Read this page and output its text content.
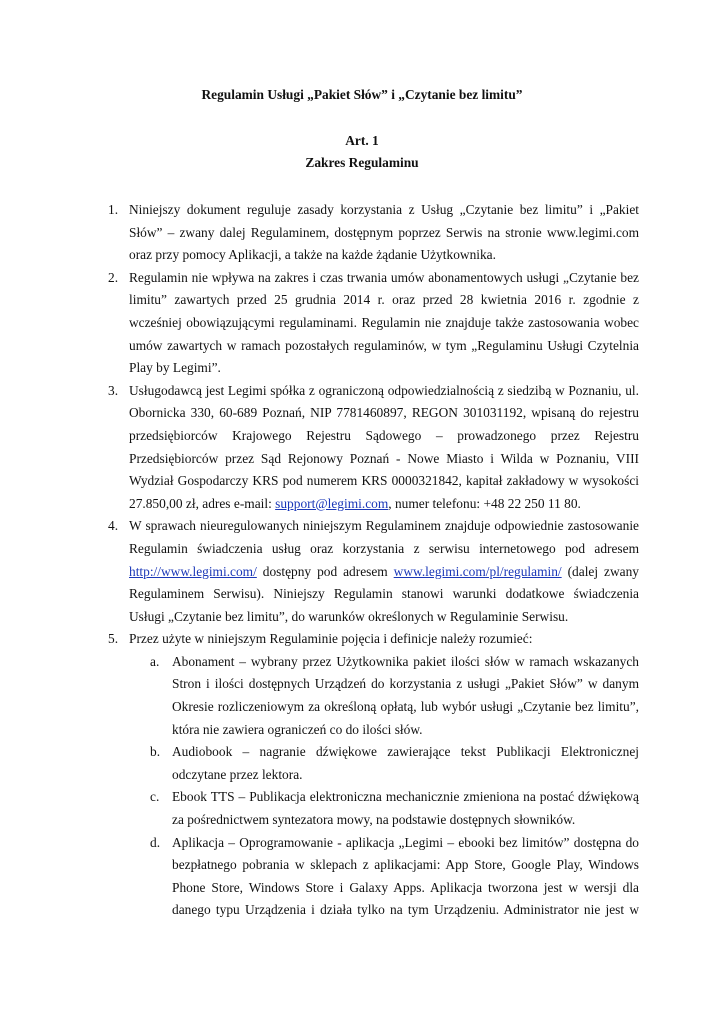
Regulamin Usługi „Pakiet Słów” i „Czytanie bez limitu”
Art. 1
Zakres Regulaminu
1. Niniejszy dokument reguluje zasady korzystania z Usług „Czytanie bez limitu” i „Pakiet
Słów” – zwany dalej Regulaminem, dostępnym poprzez Serwis na stronie www.legimi.com
oraz przy pomocy Aplikacji, a także na każde żądanie Użytkownika.
2. Regulamin nie wpływa na zakres i czas trwania umów abonamentowych usługi „Czytanie bez
limitu” zawartych przed 25 grudnia 2014 r. oraz przed 28 kwietnia 2016 r. zgodnie z
wcześniej obowiązującymi regulaminami. Regulamin nie znajduje także zastosowania wobec
umów zawartych w ramach pozostałych regulaminów, w tym „Regulaminu Usługi Czytelnia
Play by Legimi”.
3. Usługodawcą jest Legimi spółka z ograniczoną odpowiedzialnością z siedzibą w Poznaniu, ul.
Obornicka 330, 60-689 Poznań, NIP 7781460897, REGON 301031192, wpisaną do rejestru
przedsiębiorców Krajowego Rejestru Sądowego – prowadzonego przez Rejestru
Przedsiębiorców przez Sąd Rejonowy Poznań - Nowe Miasto i Wilda w Poznaniu, VIII
Wydział Gospodarczy KRS pod numerem KRS 0000321842, kapitał zakładowy w wysokości
27.850,00 zł, adres e-mail: support@legimi.com, numer telefonu: +48 22 250 11 80.
4. W sprawach nieuregulowanych niniejszym Regulaminem znajduje odpowiednie zastosowanie
Regulamin świadczenia usług oraz korzystania z serwisu internetowego pod adresem
http://www.legimi.com/ dostępny pod adresem www.legimi.com/pl/regulamin/ (dalej zwany
Regulaminem Serwisu). Niniejszy Regulamin stanowi warunki dodatkowe świadczenia
Usługi „Czytanie bez limitu”, do warunków określonych w Regulaminie Serwisu.
5. Przez użyte w niniejszym Regulaminie pojęcia i definicje należy rozumieć:
a. Abonament – wybrany przez Użytkownika pakiet ilości słów w ramach wskazanych
Stron i ilości dostępnych Urządzeń do korzystania z usługi „Pakiet Słów” w danym
Okresie rozliczeniowym za określoną opłatą, lub wybór usługi „Czytanie bez limitu”,
która nie zawiera ograniczeń co do ilości słów.
b. Audiobook – nagranie dźwiękowe zawierające tekst Publikacji Elektronicznej
odczytane przez lektora.
c. Ebook TTS – Publikacja elektroniczna mechanicznie zmieniona na postać dźwiękową
za pośrednictwem syntezatora mowy, na podstawie dostępnych słowników.
d. Aplikacja – Oprogramowanie - aplikacja „Legimi – ebooki bez limitów” dostępna do
bezpłatnego pobrania w sklepach z aplikacjami: App Store, Google Play, Windows
Phone Store, Windows Store i Galaxy Apps. Aplikacja tworzona jest w wersji dla
danego typu Urządzenia i działa tylko na tym Urządzeniu. Administrator nie jest w
